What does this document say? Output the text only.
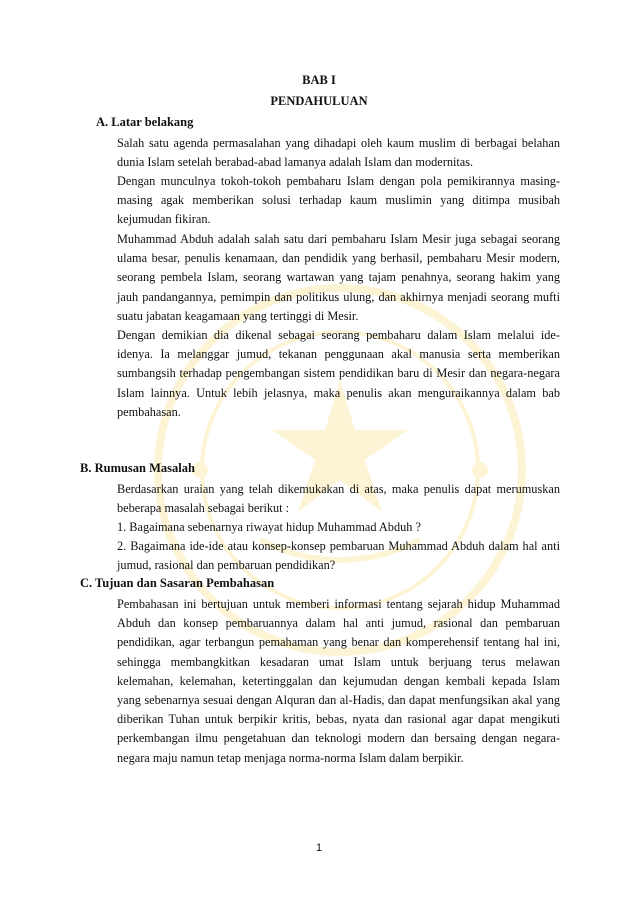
BAB I
PENDAHULUAN
A. Latar belakang
Salah satu agenda permasalahan yang dihadapi oleh kaum muslim di berbagai belahan dunia Islam setelah berabad-abad lamanya adalah Islam dan modernitas.
Dengan munculnya tokoh-tokoh pembaharu Islam dengan pola pemikirannya masing-masing agak memberikan solusi terhadap kaum muslimin yang ditimpa musibah kejumudan fikiran.
Muhammad Abduh adalah salah satu dari pembaharu Islam Mesir juga sebagai seorang ulama besar, penulis kenamaan, dan pendidik yang berhasil, pembaharu Mesir modern, seorang pembela Islam, seorang wartawan yang tajam penahnya, seorang hakim yang jauh pandangannya, pemimpin dan politikus ulung, dan akhirnya menjadi seorang mufti suatu jabatan keagamaan yang tertinggi di Mesir.
Dengan demikian dia dikenal sebagai seorang pembaharu dalam Islam melalui ide-idenya. Ia melanggar jumud, tekanan penggunaan akal manusia serta memberikan sumbangsih terhadap pengembangan sistem pendidikan baru di Mesir dan negara-negara Islam lainnya. Untuk lebih jelasnya, maka penulis akan menguraikannya dalam bab pembahasan.
B. Rumusan Masalah
Berdasarkan uraian yang telah dikemukakan di atas, maka penulis dapat merumuskan beberapa masalah sebagai berikut :
1. Bagaimana sebenarnya riwayat hidup Muhammad Abduh ?
2. Bagaimana ide-ide atau konsep-konsep pembaruan Muhammad Abduh dalam hal anti jumud, rasional dan pembaruan pendidikan?
C. Tujuan dan Sasaran Pembahasan
Pembahasan ini bertujuan untuk memberi informasi tentang sejarah hidup Muhammad Abduh dan konsep pembaruannya dalam hal anti jumud, rasional dan pembaruan pendidikan, agar terbangun pemahaman yang benar dan komperehensif tentang hal ini, sehingga membangkitkan kesadaran umat Islam untuk berjuang terus melawan kelemahan, kelemahan, ketertinggalan dan kejumudan dengan kembali kepada Islam yang sebenarnya sesuai dengan Alquran dan al-Hadis, dan dapat menfungsikan akal yang diberikan Tuhan untuk berpikir kritis, bebas, nyata dan rasional agar dapat mengikuti perkembangan ilmu pengetahuan dan teknologi modern dan bersaing dengan negara-negara maju namun tetap menjaga norma-norma Islam dalam berpikir.
1
